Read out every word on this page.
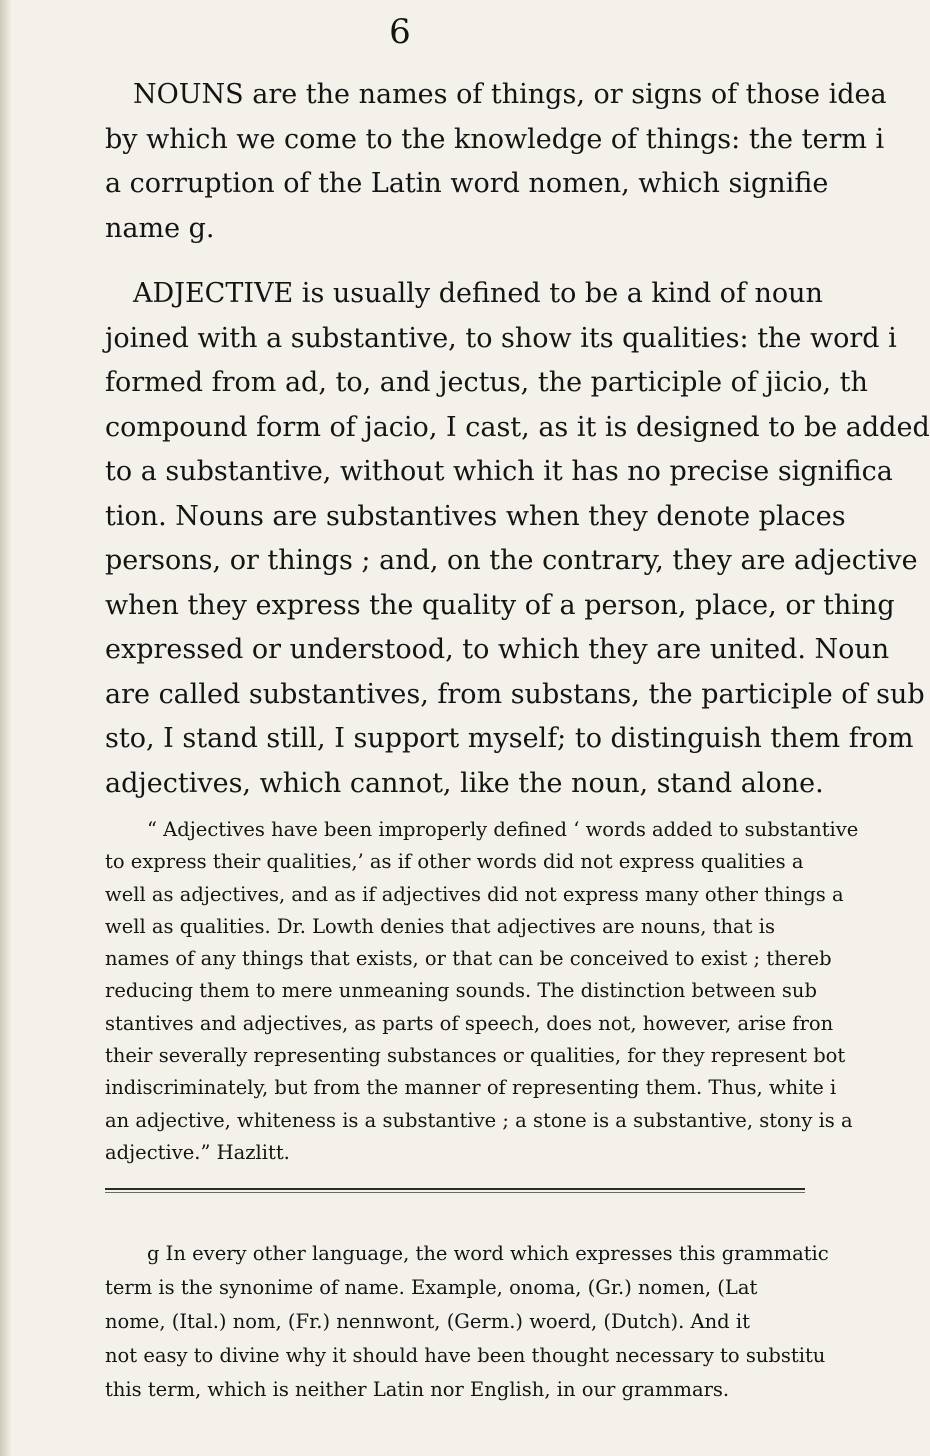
6

NOUNS are the names of things, or signs of those idea
by which we come to the knowledge of things: the term i
a corruption of the Latin word nomen, which signifie
name g.

ADJECTIVE is usually defined to be a kind of noun
joined with a substantive, to show its qualities: the word i
formed from ad, to, and jectus, the participle of jicio, th
compound form of jacio, I cast, as it is designed to be added
to a substantive, without which it has no precise significa
tion. Nouns are substantives when they denote places
persons, or things ; and, on the contrary, they are adjective
when they express the quality of a person, place, or thing
expressed or understood, to which they are united. Noun
are called substantives, from substans, the participle of sub
sto, I stand still, I support myself; to distinguish them from
adjectives, which cannot, like the noun, stand alone.

“ Adjectives have been improperly defined ‘ words added to substantive
to express their qualities,’ as if other words did not express qualities a
well as adjectives, and as if adjectives did not express many other things a
well as qualities. Dr. Lowth denies that adjectives are nouns, that is
names of any things that exists, or that can be conceived to exist ; thereb
reducing them to mere unmeaning sounds. The distinction between sub
stantives and adjectives, as parts of speech, does not, however, arise fron
their severally representing substances or qualities, for they represent bot
indiscriminately, but from the manner of representing them. Thus, white i
an adjective, whiteness is a substantive ; a stone is a substantive, stony is a
adjective.” Hazlitt.

g In every other language, the word which expresses this grammatic
term is the synonime of name. Example, onoma, (Gr.) nomen, (Lat
nome, (Ital.) nom, (Fr.) nennwont, (Germ.) woerd, (Dutch). And it
not easy to divine why it should have been thought necessary to substitu
this term, which is neither Latin nor English, in our grammars.
